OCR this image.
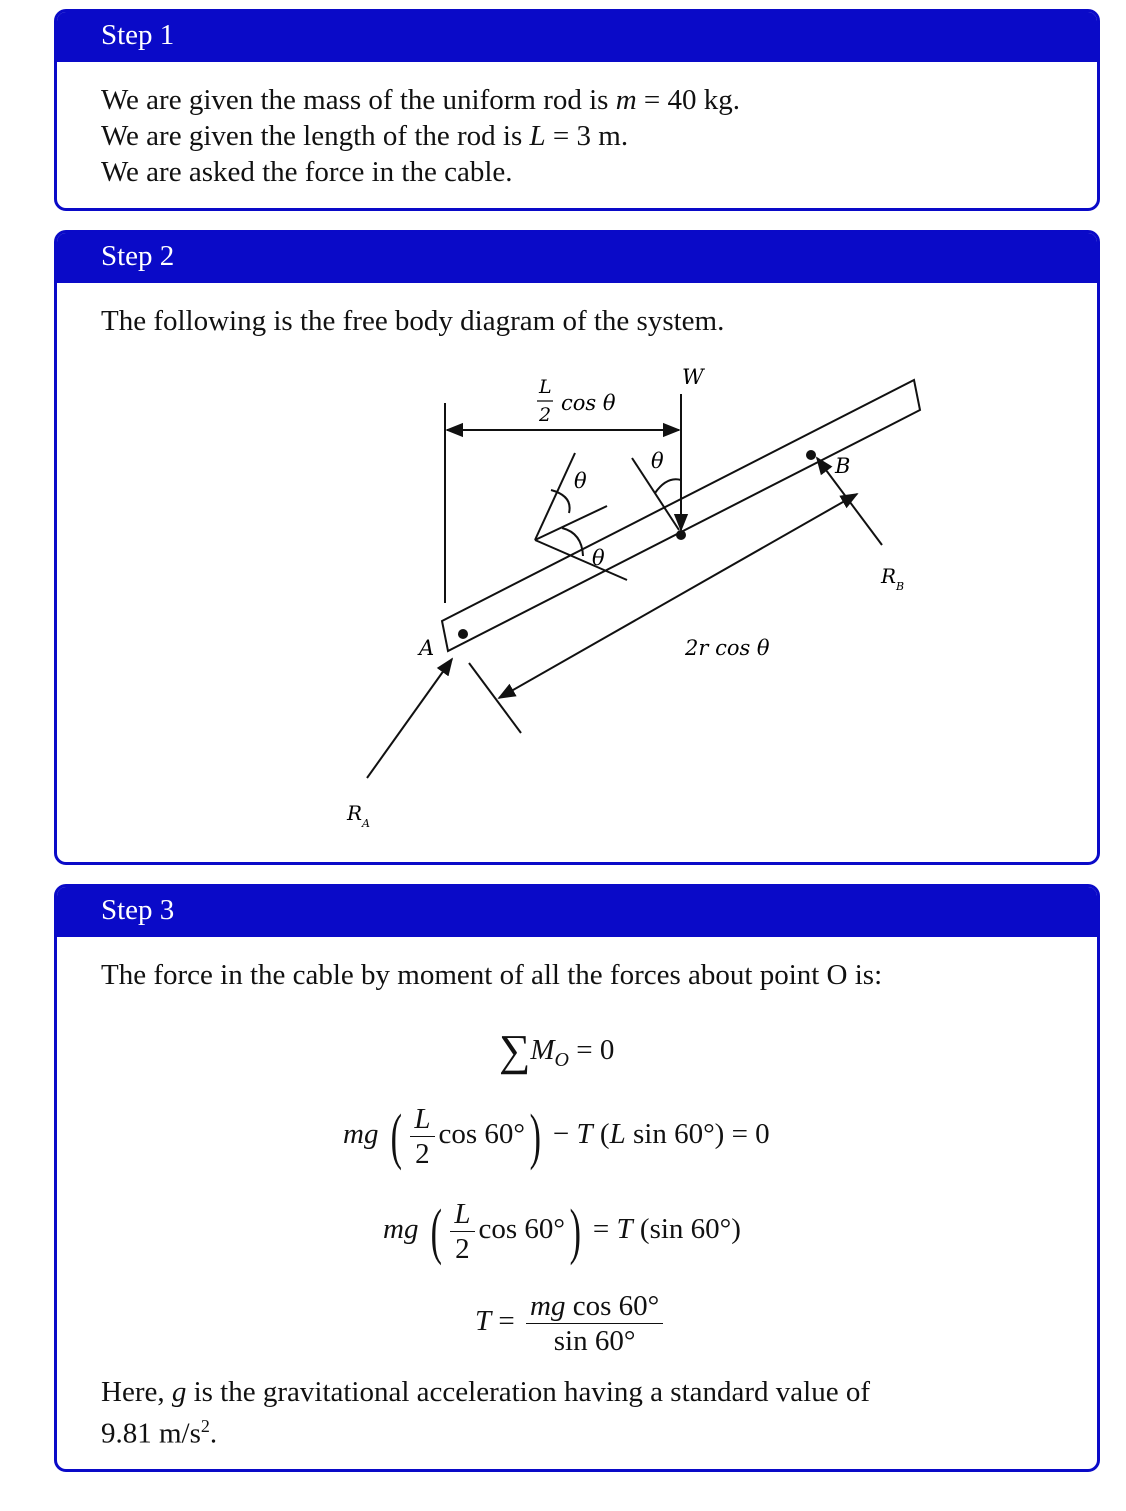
Step 1
We are given the mass of the uniform rod is m = 40 kg.
We are given the length of the rod is L = 3 m.
We are asked the force in the cable.
Step 2
The following is the free body diagram of the system.
L
2 cos θ
W
θ
θ
θ
B
R B
2r cos θ
A
R A
Step 3
The force in the cable by moment of all the forces about point O is:
$\sum M_O = 0$
mg ( $\frac{L}{2}$ cos 60°) − T (L sin 60°) = 0
mg ( $\frac{L}{2}$ cos 60°) = T (sin 60°)
$T = \frac{\text{mg cos 60°}}{\sin 60^\circ}$
Here, g is the gravitational acceleration having a standard value of
9.81 $m/s^2$.
